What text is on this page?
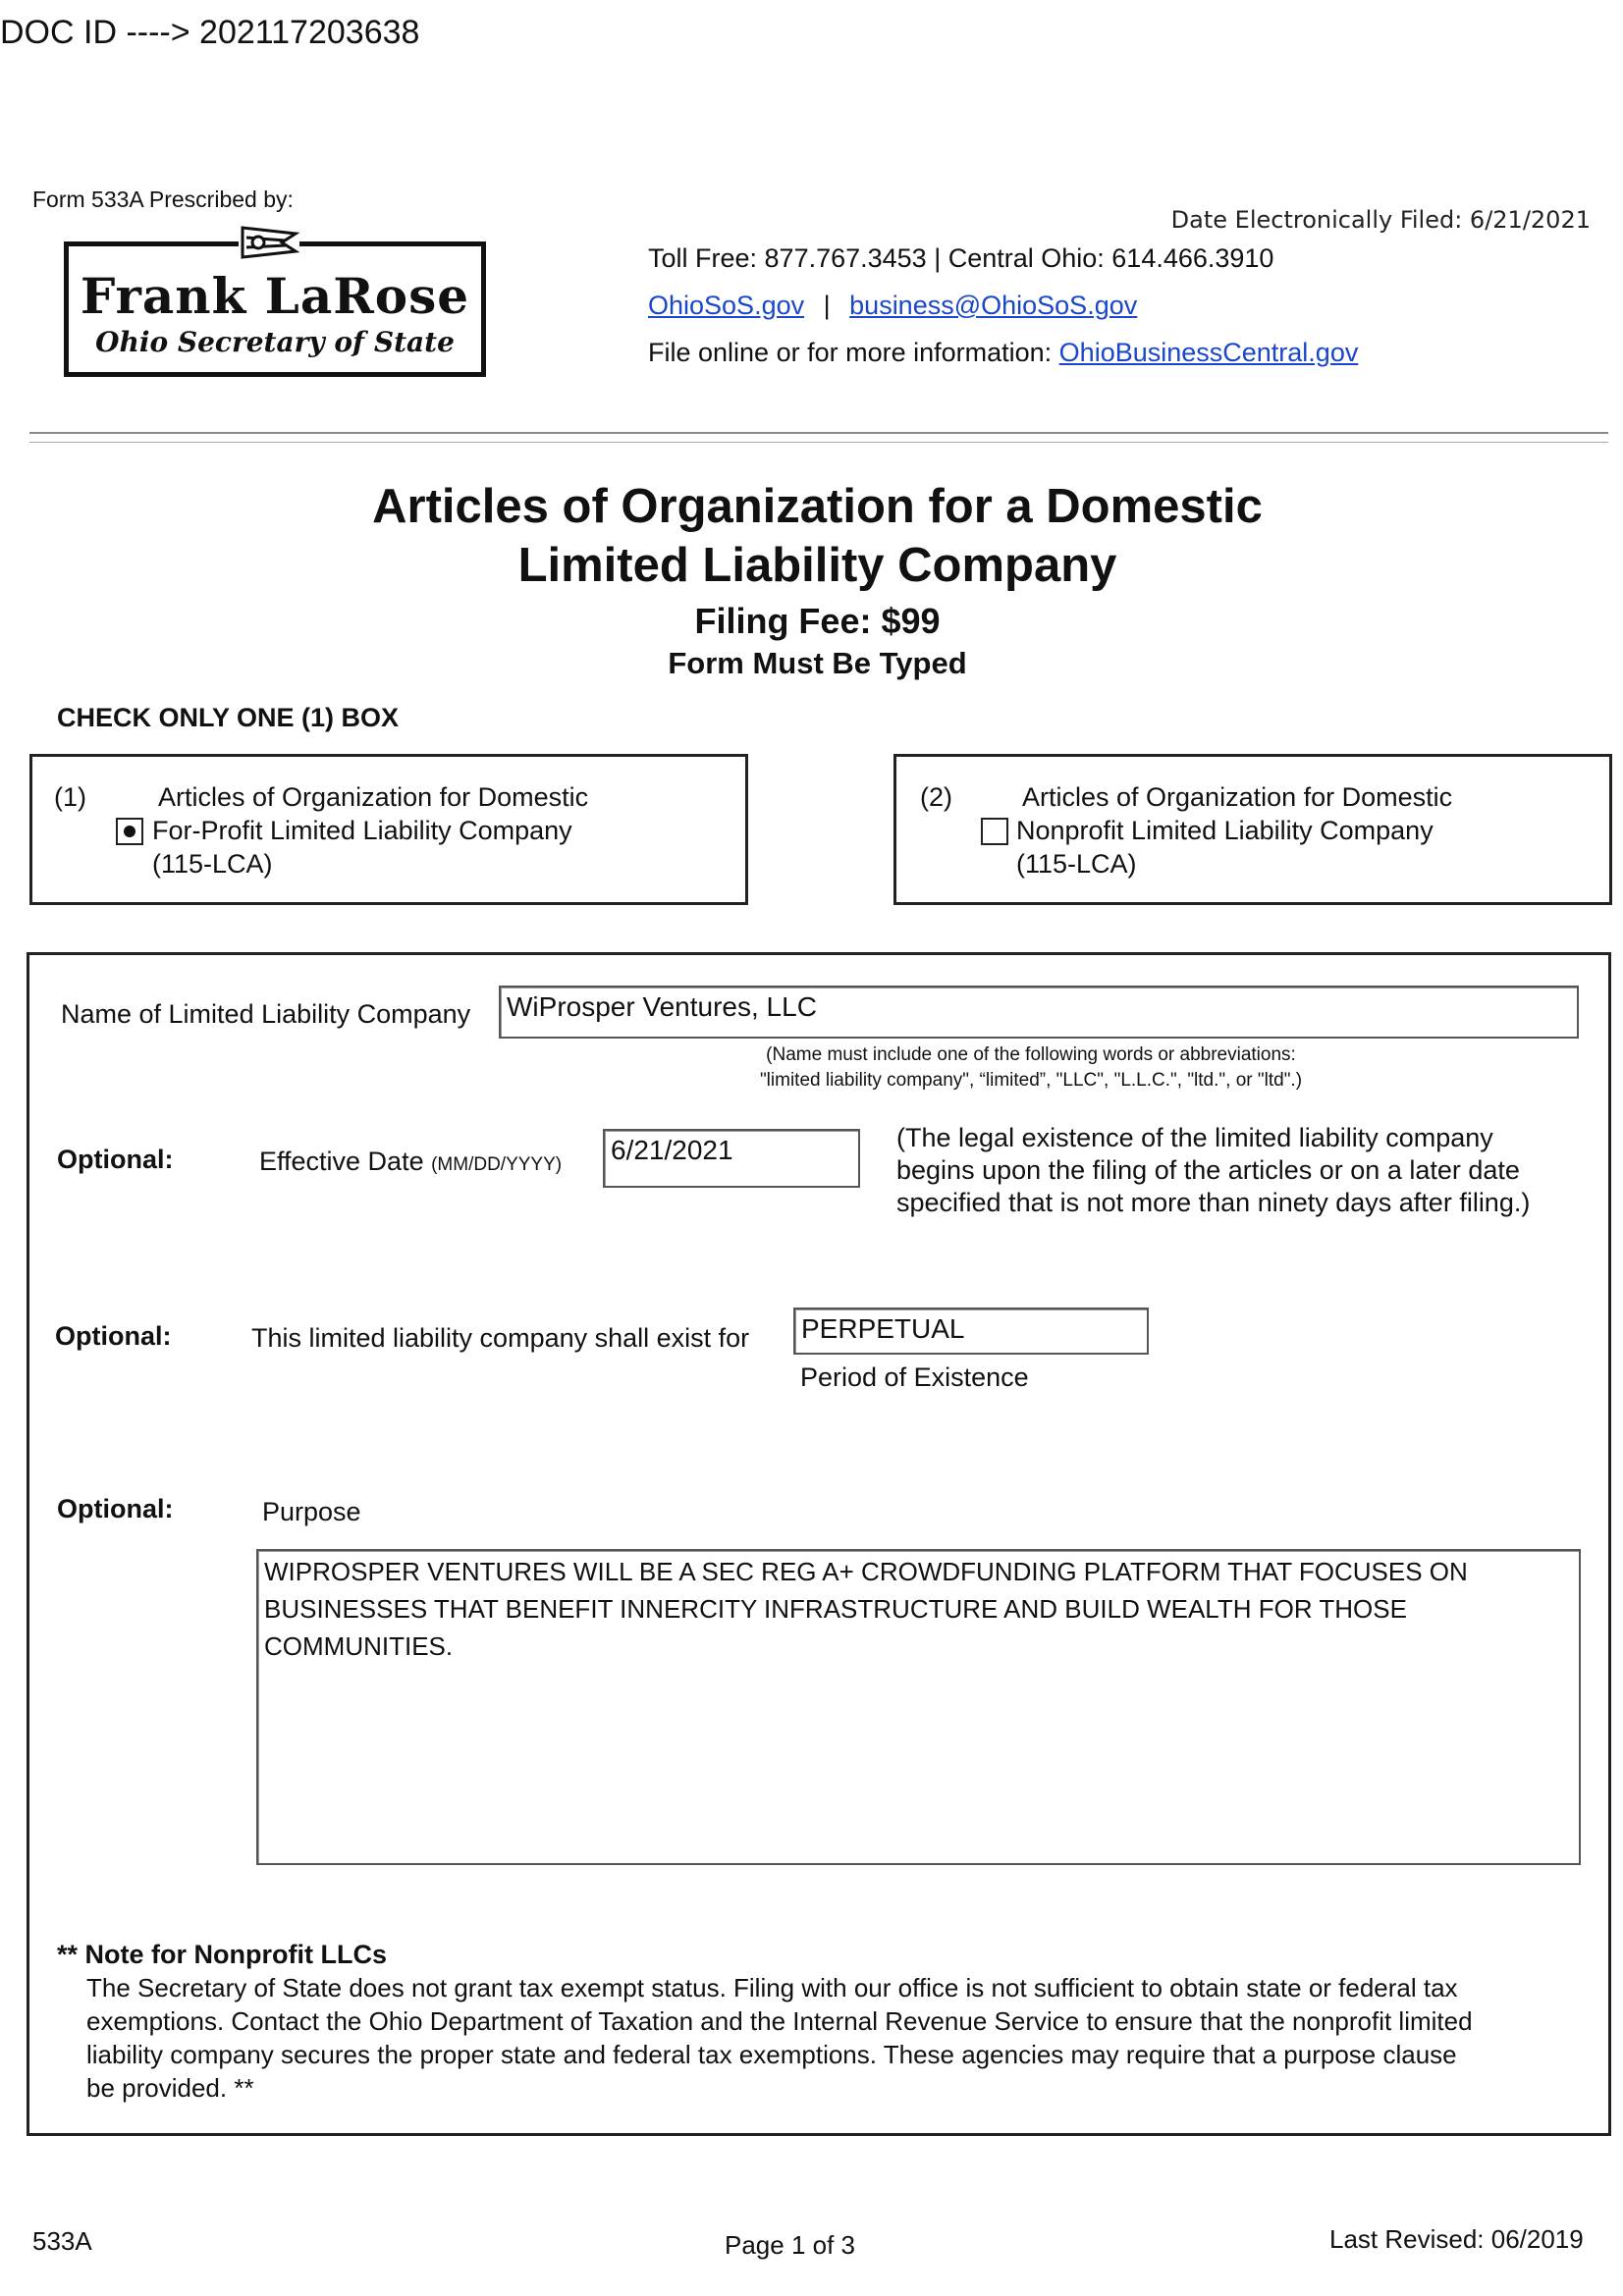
DOC ID ----> 202117203638
Form 533A Prescribed by:
Frank LaRose
Ohio Secretary of State
Date Electronically Filed: 6/21/2021
Toll Free: 877.767.3453 | Central Ohio: 614.466.3910
OhioSoS.gov | business@OhioSoS.gov
File online or for more information: OhioBusinessCentral.gov
Articles of Organization for a Domestic
Limited Liability Company
Filing Fee: $99
Form Must Be Typed
CHECK ONLY ONE (1) BOX
(1)	Articles of Organization for Domestic
For-Profit Limited Liability Company
(115-LCA)
(2)	Articles of Organization for Domestic
Nonprofit Limited Liability Company
(115-LCA)
Name of Limited Liability Company WiProsper Ventures, LLC
(Name must include one of the following words or abbreviations:
"limited liability company", “limited”, "LLC", "L.L.C.", "ltd.", or "ltd".)
Optional:	Effective Date (MM/DD/YYYY) 6/21/2021	(The legal existence of the limited liability company
begins upon the filing of the articles or on a later date
specified that is not more than ninety days after filing.)
Optional:	This limited liability company shall exist for PERPETUAL
Period of Existence
Optional:	Purpose
WIPROSPER VENTURES WILL BE A SEC REG A+ CROWDFUNDING PLATFORM THAT FOCUSES ON
BUSINESSES THAT BENEFIT INNERCITY INFRASTRUCTURE AND BUILD WEALTH FOR THOSE
COMMUNITIES.
** Note for Nonprofit LLCs
The Secretary of State does not grant tax exempt status. Filing with our office is not sufficient to obtain state or federal tax
exemptions. Contact the Ohio Department of Taxation and the Internal Revenue Service to ensure that the nonprofit limited
liability company secures the proper state and federal tax exemptions. These agencies may require that a purpose clause
be provided. **
533A	Page 1 of 3	Last Revised: 06/2019
